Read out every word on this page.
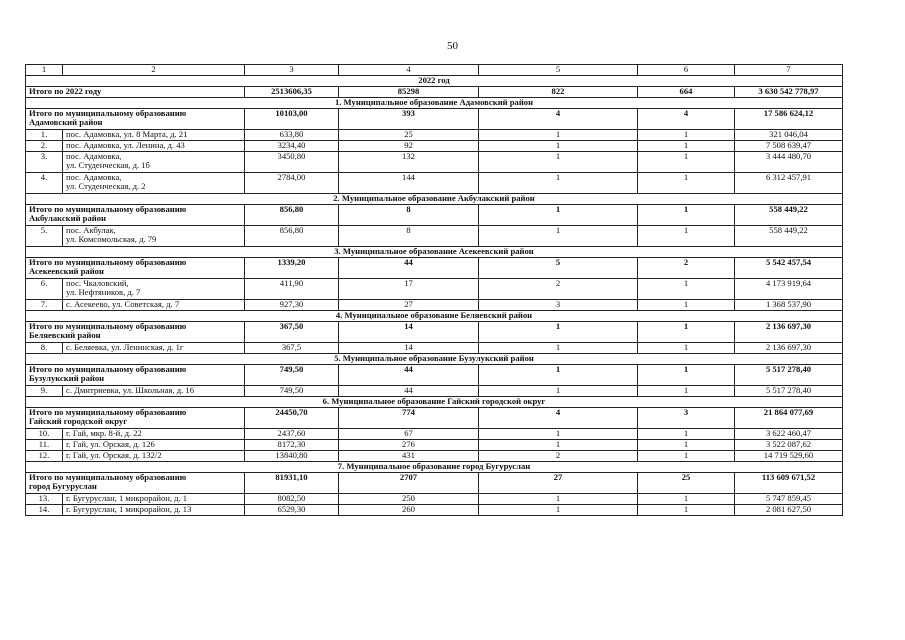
50
1	2	3	4	5	6	7
2022 год						
Итого по 2022 году		2513606,35	85298	822	664	3 630 542 778,97
1. Муниципальное образование Адамовский район						

Итого по муниципальному образованию
Адамовский район		10103,00	393	4	4	17 586 624,12
1.	пос. Адамовка, ул. 8 Марта, д. 21	633,80	25	1	1	321 046,04
2.	пос. Адамовка, ул. Ленина, д. 43	3234,40	92	1	1	7 508 639,47
3.	пос. Адамовка,
ул. Студенческая, д. 1б	3450,80	132	1	1	3 444 480,70
4.	пос. Адамовка,
ул. Студенческая, д. 2	2784,00	144	1	1	6 312 457,91
2. Муниципальное образование Акбулакский район						

Итого по муниципальному образованию
Акбулакский район		856,80	8	1	1	558 449,22
5.	пос. Акбулак,
ул. Комсомольская, д. 79	856,80	8	1	1	558 449,22
3. Муниципальное образование Асекеевский район						

Итого по муниципальному образованию
Асекеевский район		1339,20	44	5	2	5 542 457,54
6.	пос. Чкаловский,
ул. Нефтяников, д. 7	411,90	17	2	1	4 173 919,64
7.	с. Асекеево, ул. Советская, д. 7	927,30	27	3	1	1 368 537,90
4. Муниципальное образование Беляевский район						

Итого по муниципальному образованию
Беляевский район		367,50	14	1	1	2 136 697,30
8.	с. Беляевка, ул. Ленинская, д. 1г	367,5	14	1	1	2 136 697,30
5. Муниципальное образование Бузулукский район						

Итого по муниципальному образованию
Бузулукский район		749,50	44	1	1	5 517 278,40
9.	с. Дмитриевка, ул. Школьная, д. 16	749,50	44	1	1	5 517 278,40
6. Муниципальное образование Гайский городской округ						

Итого по муниципальному образованию
Гайский городской округ		24450,70	774	4	3	21 864 077,69
10.	г. Гай, мкр. 8-й, д. 22	2437,60	67	1	1	3 622 460,47
11.	г. Гай, ул. Орская, д. 126	8172,30	276	1	1	3 522 087,62
12.	г. Гай, ул. Орская, д. 132/2	13840,80	431	2	1	14 719 529,60
7. Муниципальное образование город Бугуруслан						

Итого по муниципальному образованию
город Бугуруслан		81931,10	2707	27	25	113 609 671,52
13.	г. Бугуруслан, 1 микрорайон, д. 1	8082,50	250	1	1	5 747 859,45
14.	г. Бугуруслан, 1 микрорайон, д. 13	6529,30	260	1	1	2 081 627,50
